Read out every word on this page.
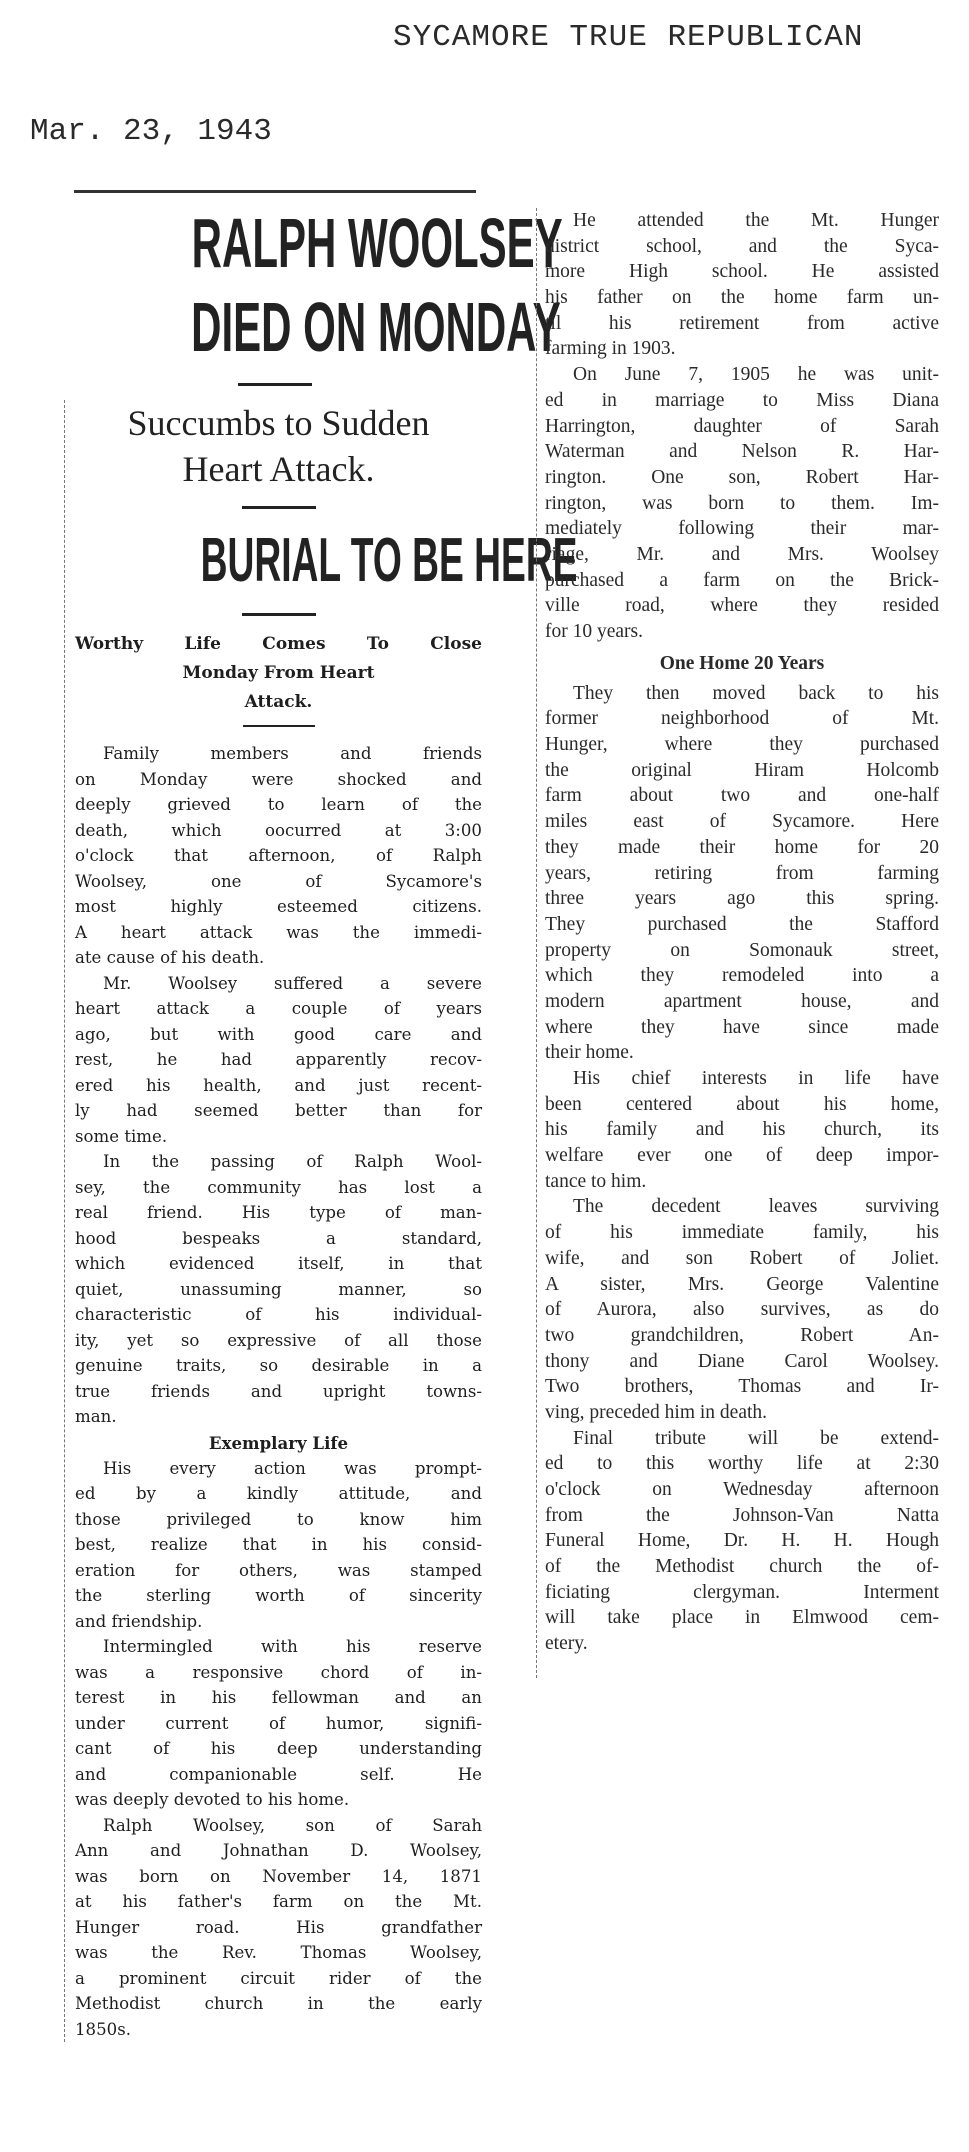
SYCAMORE TRUE REPUBLICAN
Mar. 23, 1943
RALPH WOOLSEY
DIED ON MONDAY
Succumbs to Sudden
Heart Attack.
BURIAL TO BE HERE
Worthy Life Comes To Close
Monday From Heart
Attack.
Family members and friends
on Monday were shocked and
deeply grieved to learn of the
death, which oocurred at 3:00
o'clock that afternoon, of Ralph
Woolsey, one of Sycamore's
most highly esteemed citizens.
A heart attack was the immedi-
ate cause of his death.
Mr. Woolsey suffered a severe
heart attack a couple of years
ago, but with good care and
rest, he had apparently recov-
ered his health, and just recent-
ly had seemed better than for
some time.
In the passing of Ralph Wool-
sey, the community has lost a
real friend. His type of man-
hood bespeaks a standard,
which evidenced itself, in that
quiet, unassuming manner, so
characteristic of his individual-
ity, yet so expressive of all those
genuine traits, so desirable in a
true friends and upright towns-
man.
Exemplary Life
His every action was prompt-
ed by a kindly attitude, and
those privileged to know him
best, realize that in his consid-
eration for others, was stamped
the sterling worth of sincerity
and friendship.
Intermingled with his reserve
was a responsive chord of in-
terest in his fellowman and an
under current of humor, signifi-
cant of his deep understanding
and companionable self. He
was deeply devoted to his home.
Ralph Woolsey, son of Sarah
Ann and Johnathan D. Woolsey,
was born on November 14, 1871
at his father's farm on the Mt.
Hunger road. His grandfather
was the Rev. Thomas Woolsey,
a prominent circuit rider of the
Methodist church in the early
1850s.
He attended the Mt. Hunger
district school, and the Syca-
more High school. He assisted
his father on the home farm un-
til his retirement from active
farming in 1903.
On June 7, 1905 he was unit-
ed in marriage to Miss Diana
Harrington, daughter of Sarah
Waterman and Nelson R. Har-
rington. One son, Robert Har-
rington, was born to them. Im-
mediately following their mar-
riage, Mr. and Mrs. Woolsey
purchased a farm on the Brick-
ville road, where they resided
for 10 years.
One Home 20 Years
They then moved back to his
former neighborhood of Mt.
Hunger, where they purchased
the original Hiram Holcomb
farm about two and one-half
miles east of Sycamore. Here
they made their home for 20
years, retiring from farming
three years ago this spring.
They purchased the Stafford
property on Somonauk street,
which they remodeled into a
modern apartment house, and
where they have since made
their home.
His chief interests in life have
been centered about his home,
his family and his church, its
welfare ever one of deep impor-
tance to him.
The decedent leaves surviving
of his immediate family, his
wife, and son Robert of Joliet.
A sister, Mrs. George Valentine
of Aurora, also survives, as do
two grandchildren, Robert An-
thony and Diane Carol Woolsey.
Two brothers, Thomas and Ir-
ving, preceded him in death.
Final tribute will be extend-
ed to this worthy life at 2:30
o'clock on Wednesday afternoon
from the Johnson-Van Natta
Funeral Home, Dr. H. H. Hough
of the Methodist church the of-
ficiating clergyman. Interment
will take place in Elmwood cem-
etery.
